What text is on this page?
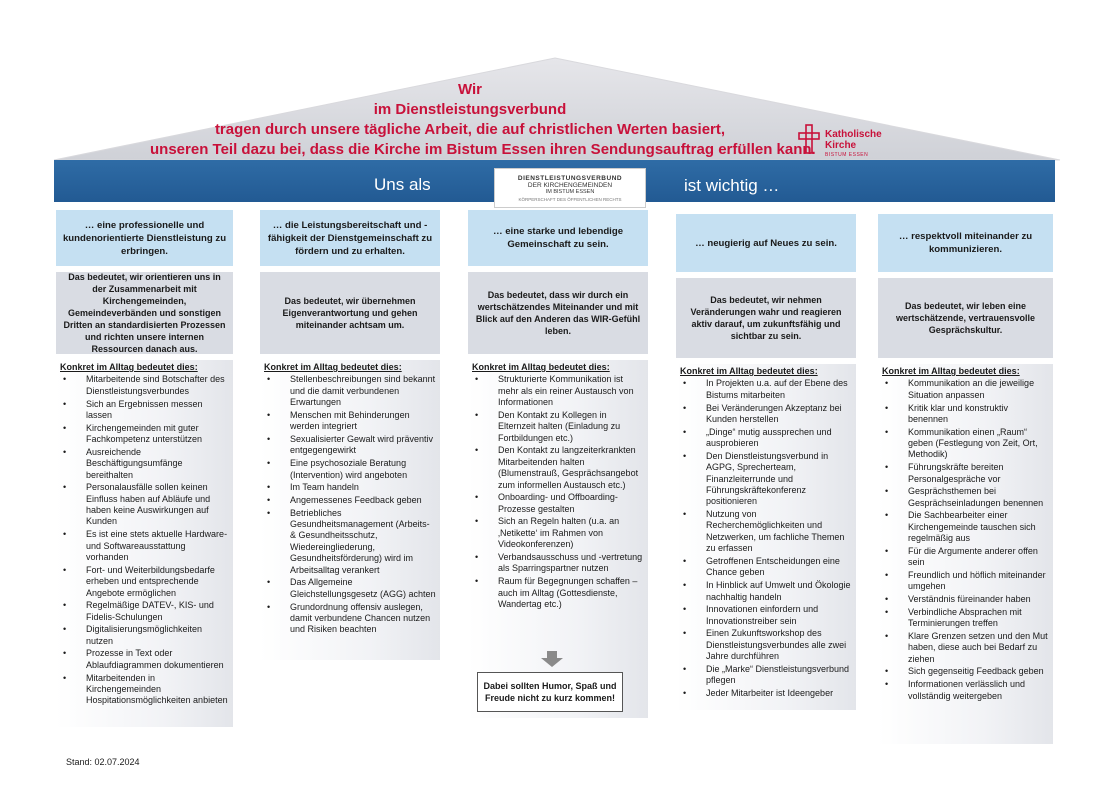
Wir
im Dienstleistungsverbund
tragen durch unsere tägliche Arbeit, die auf christlichen Werten basiert,
unseren Teil dazu bei, dass die Kirche im Bistum Essen ihren Sendungsauftrag erfüllen kann.
Katholische
Kirche
BISTUM ESSEN
Uns als	DIENSTLEISTUNGSVERBUND
DER KIRCHENGEMEINDEN
IM BISTUM ESSEN
KÖRPERSCHAFT DES ÖFFENTLICHEN RECHTS
ist wichtig …
… eine professionelle und kundenorientierte Dienstleistung zu erbringen.
Das bedeutet, wir orientieren uns in der Zusammenarbeit mit Kirchengemeinden, Gemeindeverbänden und sonstigen Dritten an standardisierten Prozessen und richten unsere internen Ressourcen danach aus.
Konkret im Alltag bedeutet dies:
• Mitarbeitende sind Botschafter des Dienstleistungsverbundes
• Sich an Ergebnissen messen lassen
• Kirchengemeinden mit guter Fachkompetenz unterstützen
• Ausreichende Beschäftigungsumfänge bereithalten
• Personalausfälle sollen keinen Einfluss haben auf Abläufe und haben keine Auswirkungen auf Kunden
• Es ist eine stets aktuelle Hardware- und Softwareausstattung vorhanden
• Fort- und Weiterbildungsbedarfe erheben und entsprechende Angebote ermöglichen
• Regelmäßige DATEV-, KIS- und Fidelis-Schulungen
• Digitalisierungsmöglichkeiten nutzen
• Prozesse in Text oder Ablaufdiagrammen dokumentieren
• Mitarbeitenden in Kirchengemeinden Hospitationsmöglichkeiten anbieten
… die Leistungsbereitschaft und -fähigkeit der Dienstgemeinschaft zu fördern und zu erhalten.
Das bedeutet, wir übernehmen Eigenverantwortung und gehen miteinander achtsam um.
Konkret im Alltag bedeutet dies:
• Stellenbeschreibungen sind bekannt und die damit verbundenen Erwartungen
• Menschen mit Behinderungen werden integriert
• Sexualisierter Gewalt wird präventiv entgegengewirkt
• Eine psychosoziale Beratung (Intervention) wird angeboten
• Im Team handeln
• Angemessenes Feedback geben
• Betriebliches Gesundheitsmanagement (Arbeits- & Gesundheitsschutz, Wiedereingliederung, Gesundheitsförderung) wird im Arbeitsalltag verankert
• Das Allgemeine Gleichstellungsgesetz (AGG) achten
• Grundordnung offensiv auslegen, damit verbundene Chancen nutzen und Risiken beachten
… eine starke und lebendige Gemeinschaft zu sein.
Das bedeutet, dass wir durch ein wertschätzendes Miteinander und mit Blick auf den Anderen das WIR-Gefühl leben.
Konkret im Alltag bedeutet dies:
• Strukturierte Kommunikation ist mehr als ein reiner Austausch von Informationen
• Den Kontakt zu Kollegen in Elternzeit halten (Einladung zu Fortbildungen etc.)
• Den Kontakt zu langzeiterkrankten Mitarbeitenden halten (Blumenstrauß, Gesprächsangebot zum informellen Austausch etc.)
• Onboarding- und Offboarding-Prozesse gestalten
• Sich an Regeln halten (u.a. an ‚Netikette‘ im Rahmen von Videokonferenzen)
• Verbandsausschuss und -vertretung als Sparringspartner nutzen
• Raum für Begegnungen schaffen – auch im Alltag (Gottesdienste, Wandertag etc.)
Dabei sollten Humor, Spaß und Freude nicht zu kurz kommen!
… neugierig auf Neues zu sein.
Das bedeutet, wir nehmen Veränderungen wahr und reagieren aktiv darauf, um zukunftsfähig und sichtbar zu sein.
Konkret im Alltag bedeutet dies:
• In Projekten u.a. auf der Ebene des Bistums mitarbeiten
• Bei Veränderungen Akzeptanz bei Kunden herstellen
• „Dinge“ mutig aussprechen und ausprobieren
• Den Dienstleistungsverbund in AGPG, Sprecherteam, Finanzleiterrunde und Führungskräftekonferenz positionieren
• Nutzung von Recherchemöglichkeiten und Netzwerken, um fachliche Themen zu erfassen
• Getroffenen Entscheidungen eine Chance geben
• In Hinblick auf Umwelt und Ökologie nachhaltig handeln
• Innovationen einfordern und Innovationstreiber sein
• Einen Zukunftsworkshop des Dienstleistungsverbundes alle zwei Jahre durchführen
• Die „Marke“ Dienstleistungsverbund pflegen
• Jeder Mitarbeiter ist Ideengeber
… respektvoll miteinander zu kommunizieren.
Das bedeutet, wir leben eine wertschätzende, vertrauensvolle Gesprächskultur.
Konkret im Alltag bedeutet dies:
• Kommunikation an die jeweilige Situation anpassen
• Kritik klar und konstruktiv benennen
• Kommunikation einen „Raum“ geben (Festlegung von Zeit, Ort, Methodik)
• Führungskräfte bereiten Personalgespräche vor
• Gesprächsthemen bei Gesprächseinladungen benennen
• Die Sachbearbeiter einer Kirchengemeinde tauschen sich regelmäßig aus
• Für die Argumente anderer offen sein
• Freundlich und höflich miteinander umgehen
• Verständnis füreinander haben
• Verbindliche Absprachen mit Terminierungen treffen
• Klare Grenzen setzen und den Mut haben, diese auch bei Bedarf zu ziehen
• Sich gegenseitig Feedback geben
• Informationen verlässlich und vollständig weitergeben
Stand: 02.07.2024
